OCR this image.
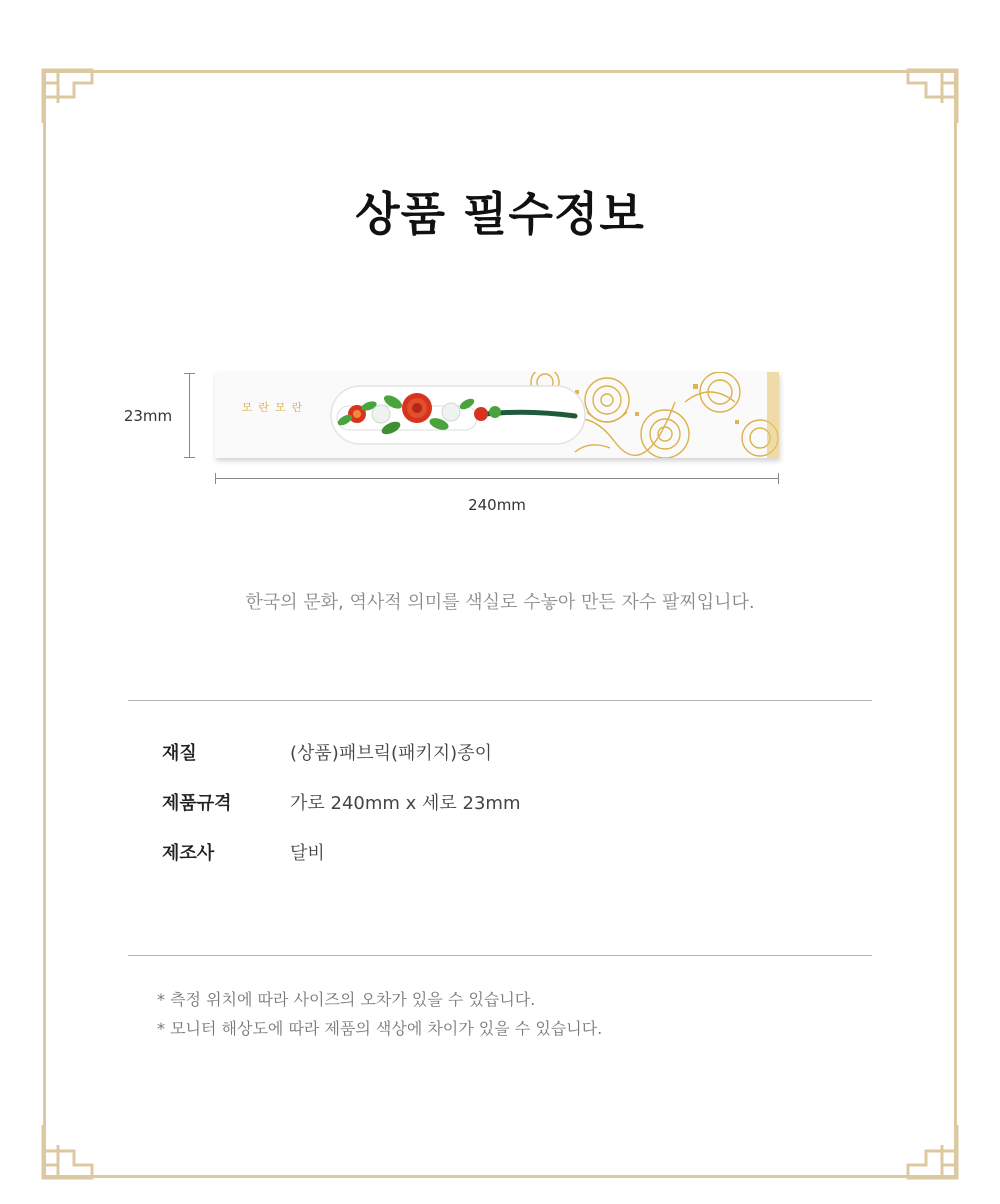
상품 필수정보
23mm	모란모란
240mm
한국의 문화, 역사적 의미를 색실로 수놓아 만든 자수 팔찌입니다.
재질	(상품)패브릭(패키지)종이
제품규격	가로 240mm x 세로 23mm
제조사	달비
* 측정 위치에 따라 사이즈의 오차가 있을 수 있습니다.
* 모니터 해상도에 따라 제품의 색상에 차이가 있을 수 있습니다.
